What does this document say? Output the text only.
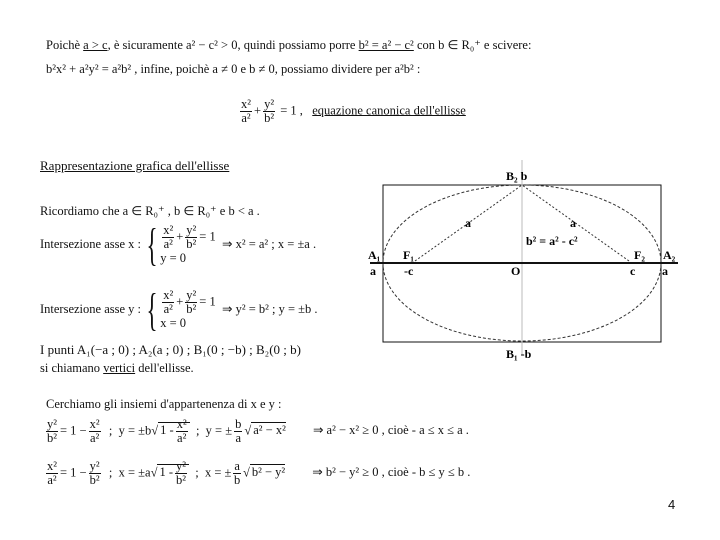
Poichè a > c, è sicuramente a² − c² > 0, quindi possiamo porre b² = a² − c² con b ∈ R₀⁺ e scivere:
b²x² + a²y² = a²b² , infine, poichè a ≠ 0 e b ≠ 0, possiamo dividere per a²b² :
$\frac{\text{x²}}{\text{a²}} + \frac{\text{y²}}{\text{b²}} = 1$ , equazione canonica dell'ellisse
Rappresentazione grafica dell'ellisse
Ricordiamo che a ∈ R₀⁺ , b ∈ R₀⁺ e b < a .
Intersezione asse x : { $\frac{\text{x²}}{\text{a²}} + \frac{\text{y²}}{\text{b²}} = 1$
y = 0
⇒ x² = a² ; x = ±a .
Intersezione asse y : { $\frac{\text{x²}}{\text{a²}} + \frac{\text{y²}}{\text{b²}} = 1$
x = 0
⇒ y² = b² ; y = ±b .
I punti A₁(−a ; 0) ; A₂(a ; 0) ; B₁(0 ; −b) ; B₂(0 ; b)
si chiamano vertici dell'ellisse.
B₂ b
B₁ -b
A₁	A₂
F₁	F₂
a	a
-c	c
O
a	a
b² = a² - c²
Cerchiamo gli insiemi d'appartenenza di x e y :
$\frac{\text{y²}}{\text{b²}} = 1 - \frac{\text{x²}}{\text{a²}}$ ; y = ±b√ $1 - \frac{\text{x²}}{\text{a²}}$ ; y = ± $\frac{b}{a}$ √ a² − x² ⇒ a² − x² ≥ 0 , cioè - a ≤ x ≤ a .
$\frac{\text{x²}}{\text{a²}} = 1 - \frac{\text{y²}}{\text{b²}}$ ; x = ±a√ $1 - \frac{\text{y²}}{\text{b²}}$ ; x = ± $\frac{a}{b}$ √ b² − y² ⇒ b² − y² ≥ 0 , cioè - b ≤ y ≤ b .
4
